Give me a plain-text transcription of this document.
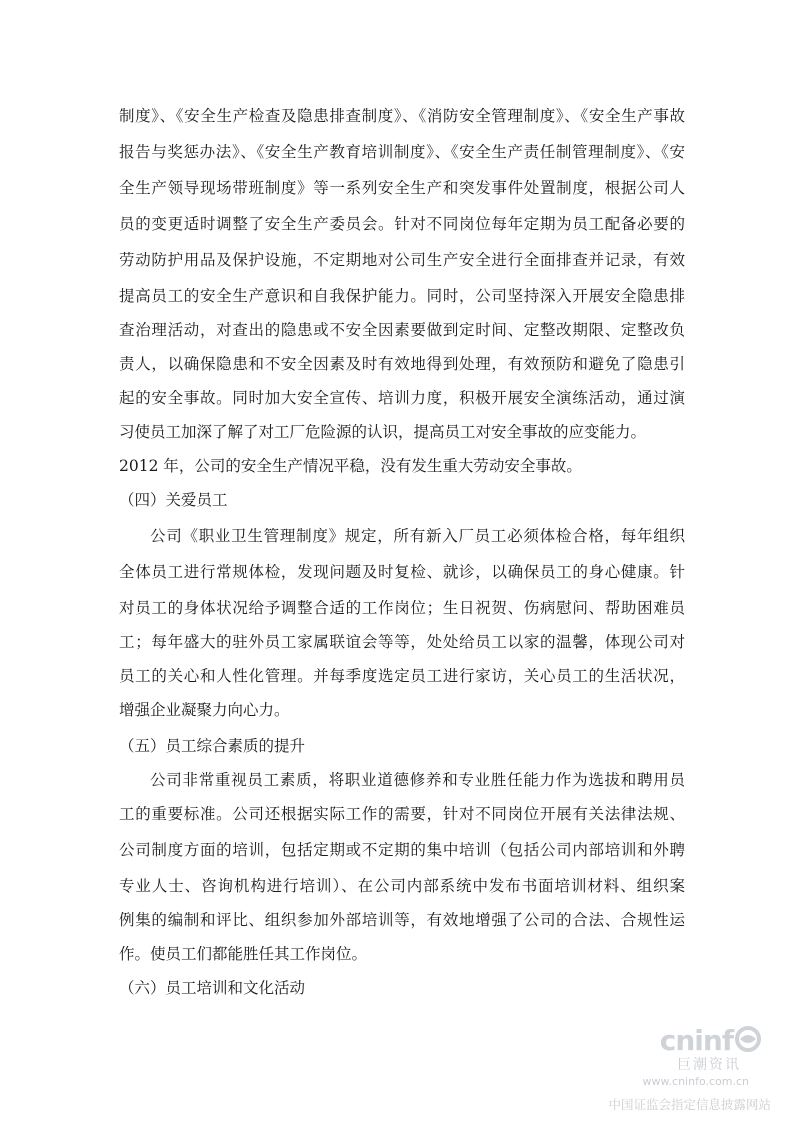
制度》、《安全生产检查及隐患排查制度》、《消防安全管理制度》、《安全生产事故
报告与奖惩办法》、《安全生产教育培训制度》、《安全生产责任制管理制度》、《安
全生产领导现场带班制度》等一系列安全生产和突发事件处置制度，根据公司人
员的变更适时调整了安全生产委员会。针对不同岗位每年定期为员工配备必要的
劳动防护用品及保护设施，不定期地对公司生产安全进行全面排查并记录，有效
提高员工的安全生产意识和自我保护能力。同时，公司坚持深入开展安全隐患排
查治理活动，对查出的隐患或不安全因素要做到定时间、定整改期限、定整改负
责人，以确保隐患和不安全因素及时有效地得到处理，有效预防和避免了隐患引
起的安全事故。同时加大安全宣传、培训力度，积极开展安全演练活动，通过演
习使员工加深了解了对工厂危险源的认识，提高员工对安全事故的应变能力。
2012 年，公司的安全生产情况平稳，没有发生重大劳动安全事故。
（四）关爱员工
公司《职业卫生管理制度》规定，所有新入厂员工必须体检合格，每年组织
全体员工进行常规体检，发现问题及时复检、就诊，以确保员工的身心健康。针
对员工的身体状况给予调整合适的工作岗位；生日祝贺、伤病慰问、帮助困难员
工；每年盛大的驻外员工家属联谊会等等，处处给员工以家的温馨，体现公司对
员工的关心和人性化管理。并每季度选定员工进行家访，关心员工的生活状况，
增强企业凝聚力向心力。
（五）员工综合素质的提升
公司非常重视员工素质，将职业道德修养和专业胜任能力作为选拔和聘用员
工的重要标准。公司还根据实际工作的需要，针对不同岗位开展有关法律法规、
公司制度方面的培训，包括定期或不定期的集中培训（包括公司内部培训和外聘
专业人士、咨询机构进行培训）、在公司内部系统中发布书面培训材料、组织案
例集的编制和评比、组织参加外部培训等，有效地增强了公司的合法、合规性运
作。使员工们都能胜任其工作岗位。
（六）员工培训和文化活动
cninf
巨潮资讯
www.cninfo.com.cn
中国证监会指定信息披露网站
